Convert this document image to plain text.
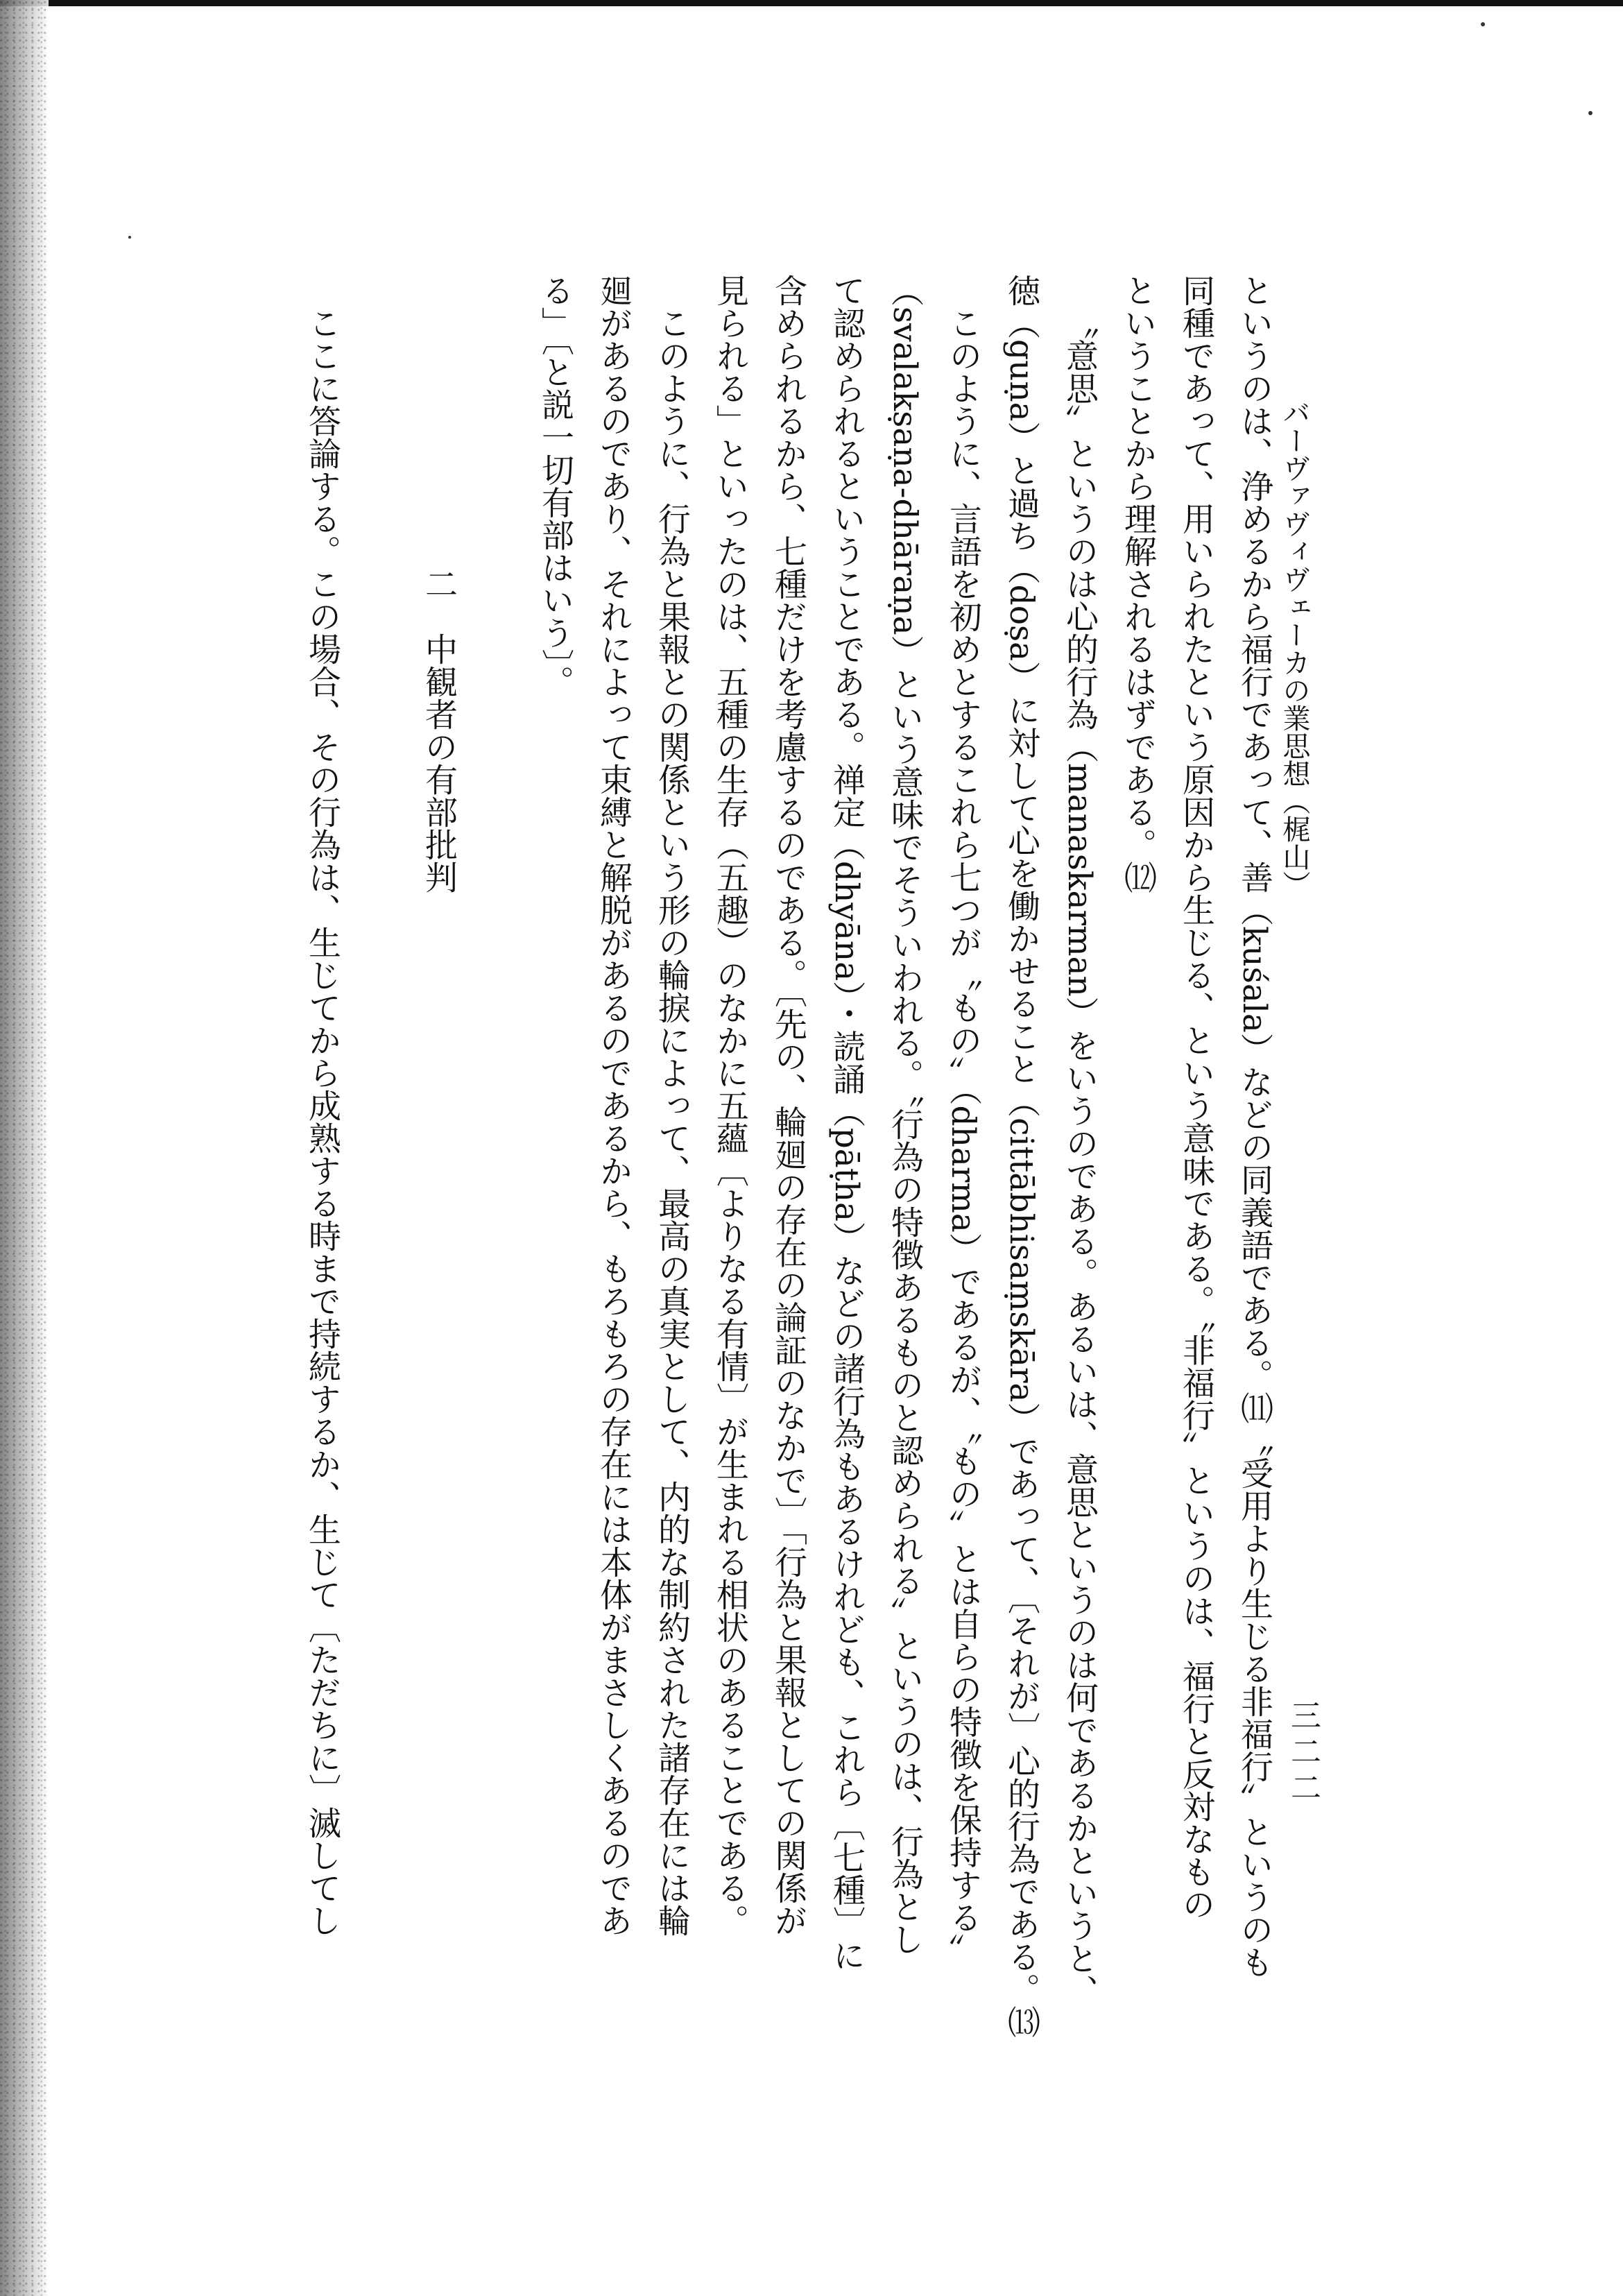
三二二
バーヴァヴィヴェーカの業思想（梶山）

というのは、浄めるから福行であって、善（kuśala）などの同義語である。⑾〝受用より生じる非福行〟というのも

同種であって、用いられたという原因から生じる、という意味である。〝非福行〟というのは、福行と反対なもの

ということから理解されるはずである。⑿

〝意思〟というのは心的行為（manaskarman）をいうのである。あるいは、意思というのは何であるかというと、

徳（guṇa）と過ち（doṣa）に対して心を働かせること（cittābhisaṃskāra）であって、〔それが〕心的行為である。⒀

このように、言語を初めとするこれら七つが〝もの〟（dharma）であるが、〝もの〟とは自らの特徴を保持する〟

（svalakṣaṇa-dhāraṇa）という意味でそういわれる。〝行為の特徴あるものと認められる〟というのは、行為とし

て認められるということである。禅定（dhyāna）・読誦（pāṭha）などの諸行為もあるけれども、これら〔七種〕に

含められるから、七種だけを考慮するのである。〔先の、輪廻の存在の論証のなかで〕「行為と果報としての関係が

見られる」といったのは、五種の生存（五趣）のなかに五蘊〔よりなる有情〕が生まれる相状のあることである。

このように、行為と果報との関係という形の輪捩によって、最高の真実として、内的な制約された諸存在には輪

廻があるのであり、それによって束縛と解脱があるのであるから、もろもろの存在には本体がまさしくあるのであ

る」〔と説一切有部はいう〕。

二　中観者の有部批判

ここに答論する。この場合、その行為は、生じてから成熟する時まで持続するか、生じて〔ただちに〕滅してし
